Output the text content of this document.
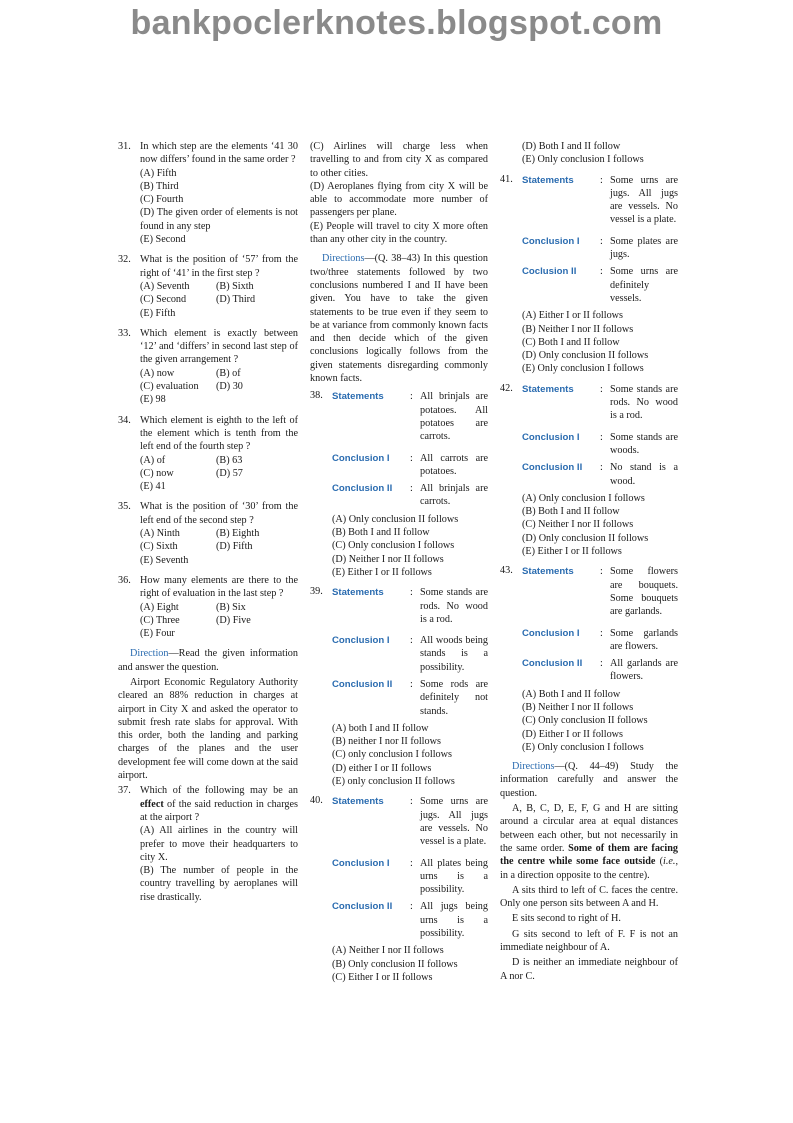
bankpoclerknotes.blogspot.com
31. In which step are the elements ‘41 30 now differs’ found in the same order ?
(A) Fifth
(B) Third
(C) Fourth
(D) The given order of elements is not found in any step
(E) Second
32. What is the position of ‘57’ from the right of ‘41’ in the first step ?
(A) Seventh	(B) Sixth
(C) Second	(D) Third
(E) Fifth
33. Which element is exactly between ‘12’ and ‘differs’ in second last step of the given arrangement ?
(A) now	(B) of
(C) evaluation	(D) 30
(E) 98
34. Which element is eighth to the left of the element which is tenth from the left end of the fourth step ?
(A) of	(B) 63
(C) now	(D) 57
(E) 41
35. What is the position of ‘30’ from the left end of the second step ?
(A) Ninth	(B) Eighth
(C) Sixth	(D) Fifth
(E) Seventh
36. How many elements are there to the right of evaluation in the last step ?
(A) Eight	(B) Six
(C) Three	(D) Five
(E) Four

Direction—Read the given information and answer the question.

Airport Economic Regulatory Authority cleared an 88% reduction in charges at airport in City X and asked the operator to submit fresh rate slabs for approval. With this order, both the landing and parking charges of the planes and the user development fee will come down at the said airport.

37. Which of the following may be an effect of the said reduction in charges at the airport ?
(A) All airlines in the country will prefer to move their headquarters to city X.
(B) The number of people in the country travelling by aeroplanes will rise drastically.
(C) Airlines will charge less when travelling to and from city X as compared to other cities.
(D) Aeroplanes flying from city X will be able to accommodate more number of passengers per plane.
(E) People will travel to city X more often than any other city in the country.

Directions—(Q. 38–43) In this question two/three statements followed by two conclusions numbered I and II have been given. You have to take the given statements to be true even if they seem to be at variance from commonly known facts and then decide which of the given conclusions logically follows from the given statements disregarding commonly known facts.

38. Statements	: All brinjals are potatoes. All potatoes are carrots.
Conclusion I	: All carrots are potatoes.
Conclusion II	: All brinjals are carrots.
(A) Only conclusion II follows
(B) Both I and II follow
(C) Only conclusion I follows
(D) Neither I nor II follows
(E) Either I or II follows
39. Statements	: Some stands are rods. No wood is a rod.
Conclusion I	: All woods being stands is a possibility.
Conclusion II	: Some rods are definitely not stands.
(A) both I and II follow
(B) neither I nor II follows
(C) only conclusion I follows
(D) either I or II follows
(E) only conclusion II follows
40. Statements	: Some urns are jugs. All jugs are vessels. No vessel is a plate.
Conclusion I	: All plates being urns is a possibility.
Conclusion II	: All jugs being urns is a possibility.
(A) Neither I nor II follows
(B) Only conclusion II follows
(C) Either I or II follows
(D) Both I and II follow
(E) Only conclusion I follows
41. Statements	: Some urns are jugs. All jugs are vessels. No vessel is a plate.
Conclusion I	: Some plates are jugs.
Coclusion II	: Some urns are definitely vessels.
(A) Either I or II follows
(B) Neither I nor II follows
(C) Both I and II follow
(D) Only conclusion II follows
(E) Only conclusion I follows
42. Statements	: Some stands are rods. No wood is a rod.
Conclusion I	: Some stands are woods.
Conclusion II	: No stand is a wood.
(A) Only conclusion I follows
(B) Both I and II follow
(C) Neither I nor II follows
(D) Only conclusion II follows
(E) Either I or II follows
43. Statements	: Some flowers are bouquets. Some bouquets are garlands.
Conclusion I	: Some garlands are flowers.
Conclusion II	: All garlands are flowers.
(A) Both I and II follow
(B) Neither I nor II follows
(C) Only conclusion II follows
(D) Either I or II follows
(E) Only conclusion I follows

Directions—(Q. 44–49) Study the information carefully and answer the question.

A, B, C, D, E, F, G and H are sitting around a circular area at equal distances between each other, but not necessarily in the same order. Some of them are facing the centre while some face outside (i.e., in a direction opposite to the centre).

A sits third to left of C. faces the centre. Only one person sits between A and H.

E sits second to right of H.

G sits second to left of F. F is not an immediate neighbour of A.

D is neither an immediate neighbour of A nor C.
